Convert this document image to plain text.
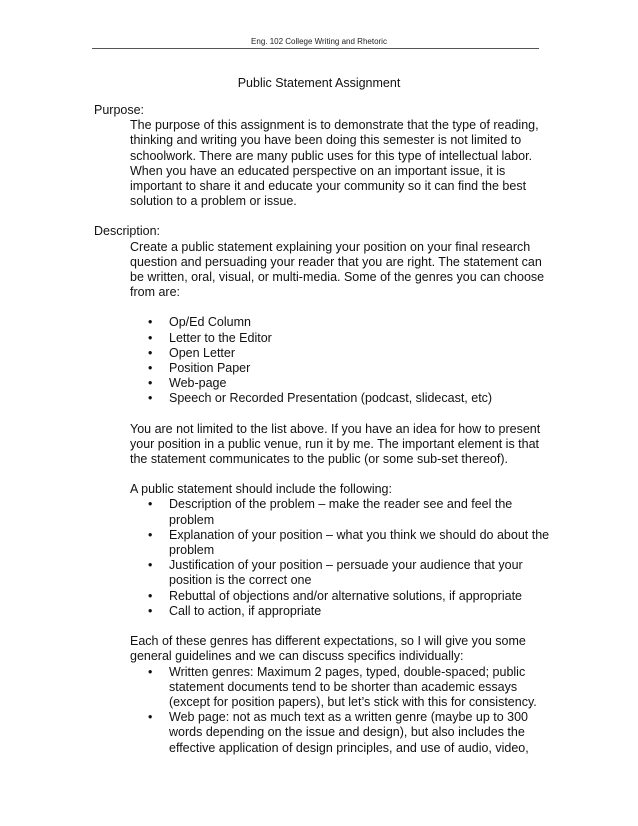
Eng. 102 College Writing and Rhetoric
Public Statement Assignment

Purpose:

The purpose of this assignment is to demonstrate that the type of reading, thinking and writing you have been doing this semester is not limited to schoolwork. There are many public uses for this type of intellectual labor. When you have an educated perspective on an important issue, it is important to share it and educate your community so it can find the best solution to a problem or issue.

Description:

Create a public statement explaining your position on your final research question and persuading your reader that you are right. The statement can be written, oral, visual, or multi-media. Some of the genres you can choose from are:

• Op/Ed Column
• Letter to the Editor
• Open Letter
• Position Paper
• Web-page
• Speech or Recorded Presentation (podcast, slidecast, etc)

You are not limited to the list above. If you have an idea for how to present your position in a public venue, run it by me. The important element is that the statement communicates to the public (or some sub-set thereof).

A public statement should include the following:

• Description of the problem – make the reader see and feel the problem
• Explanation of your position – what you think we should do about the problem
• Justification of your position – persuade your audience that your position is the correct one
• Rebuttal of objections and/or alternative solutions, if appropriate
• Call to action, if appropriate

Each of these genres has different expectations, so I will give you some general guidelines and we can discuss specifics individually:

• Written genres: Maximum 2 pages, typed, double-spaced; public statement documents tend to be shorter than academic essays (except for position papers), but let’s stick with this for consistency.
• Web page: not as much text as a written genre (maybe up to 300 words depending on the issue and design), but also includes the effective application of design principles, and use of audio, video,
